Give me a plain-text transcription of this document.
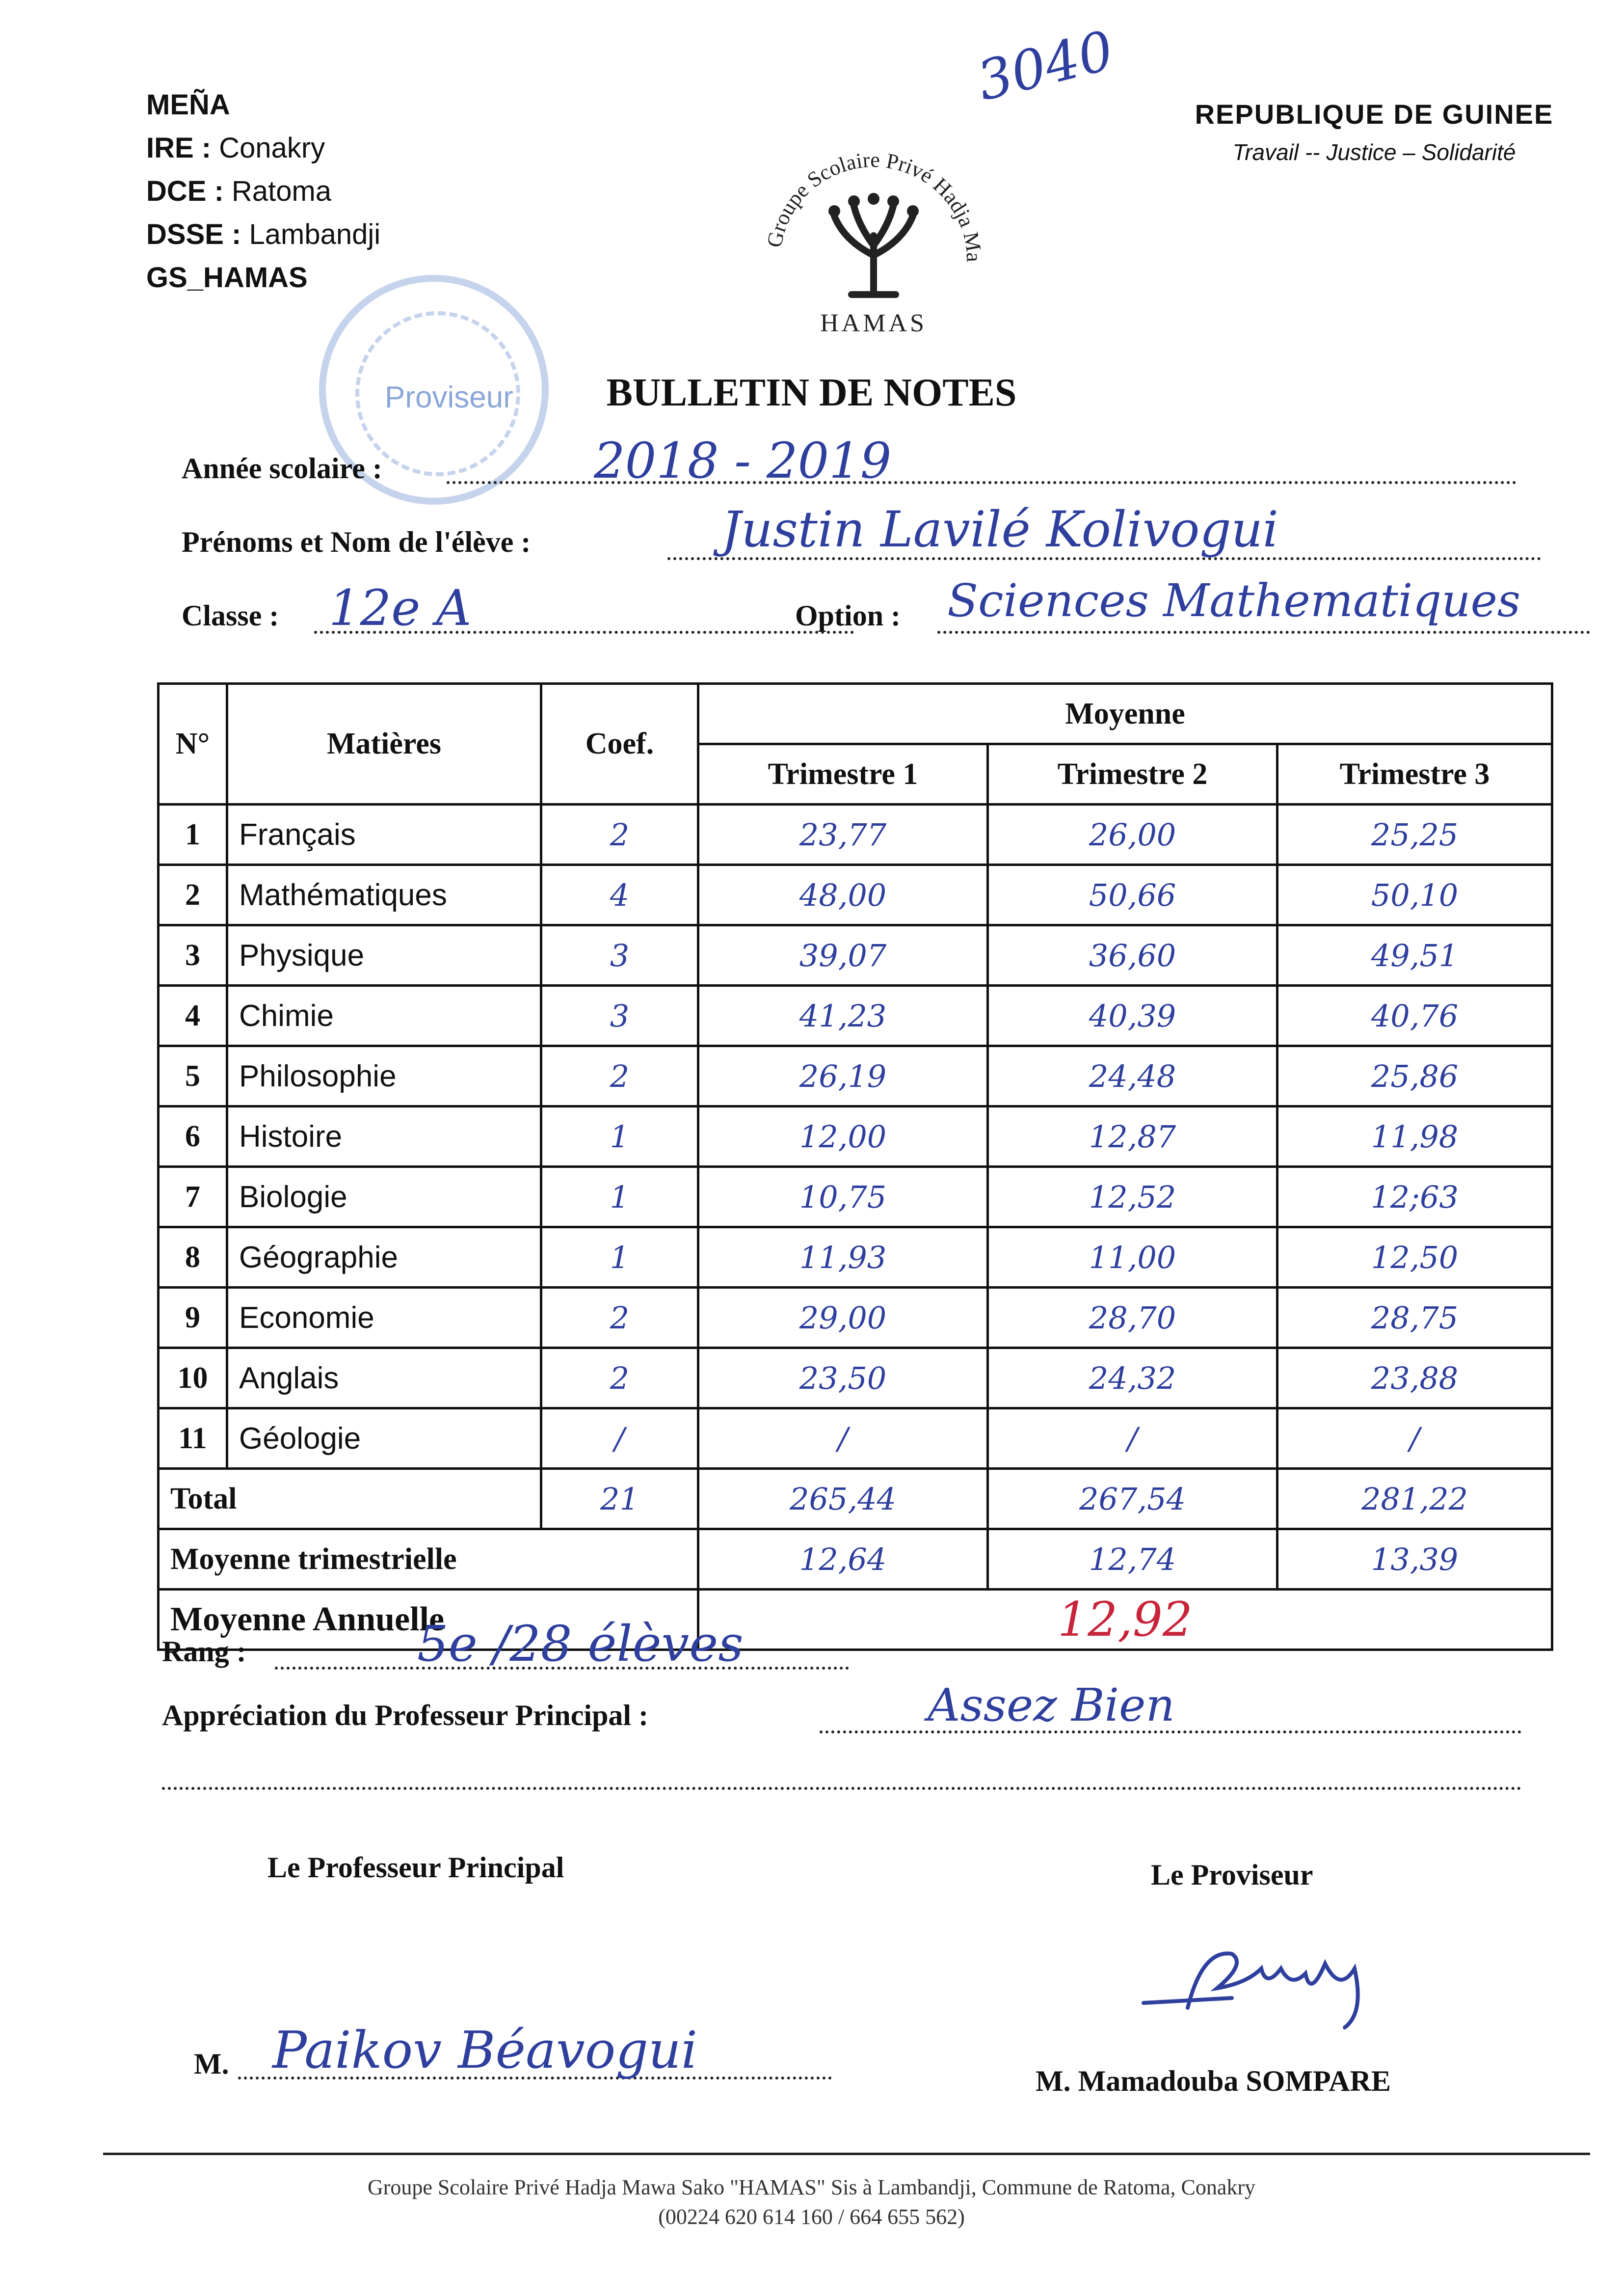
MEÑA
IRE : Conakry
DCE : Ratoma
DSSE : Lambandji
GS_HAMAS
3040
REPUBLIQUE DE GUINEE
Travail -- Justice – Solidarité
Groupe Scolaire Privé Hadja Ma
HAMAS
Proviseur	BULLETIN DE NOTES
Année scolaire :	2018 - 2019
Prénoms et Nom de l'élève :	Justin Lavilé Kolivogui
Classe : 12e A	Option : Sciences Mathematiques
N°	Matières	Coef.	Moyenne		
			Trimestre 1	Trimestre 2	Trimestre 3
1	Français	2	23,77	26,00	25,25
2	Mathématiques	4	48,00	50,66	50,10
3	Physique	3	39,07	36,60	49,51
4	Chimie	3	41,23	40,39	40,76
5	Philosophie	2	26,19	24,48	25,86
6	Histoire	1	12,00	12,87	11,98
7	Biologie	1	10,75	12,52	12;63
8	Géographie	1	11,93	11,00	12,50
9	Economie	2	29,00	28,70	28,75
10	Anglais	2	23,50	24,32	23,88
11	Géologie	/	/	/	/
Total		21	265,44	267,54	281,22
Moyenne trimestrielle			12,64	12,74	13,39
Moyenne Annuelle			12,92		
Rang :	5e /28 élèves
Appréciation du Professeur Principal :	Assez Bien
Le Professeur Principal	Le Proviseur
M. Paikov Béavogui
M. Mamadouba SOMPARE
Groupe Scolaire Privé Hadja Mawa Sako "HAMAS" Sis à Lambandji, Commune de Ratoma, Conakry
(00224 620 614 160 / 664 655 562)
